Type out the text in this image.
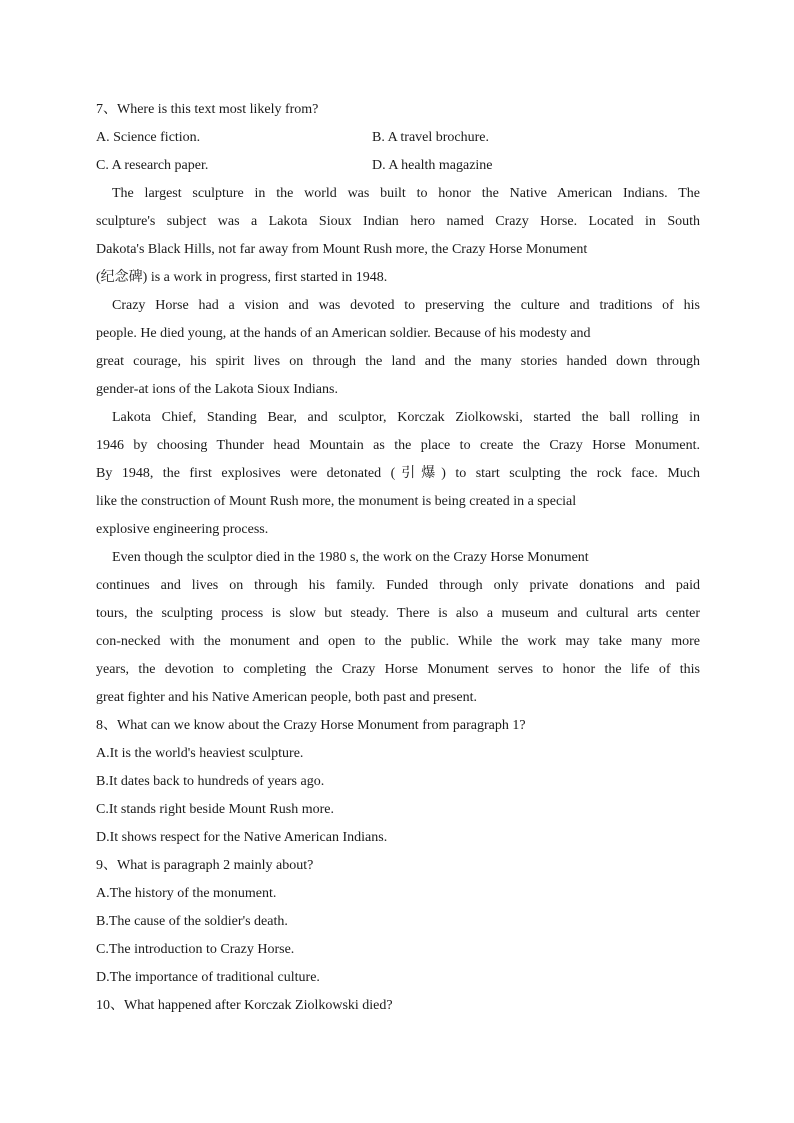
7、Where is this text most likely from?
A. Science fiction.	B. A travel brochure.
C. A research paper.	D. A health magazine
The largest sculpture in the world was built to honor the Native American Indians. The
sculpture's subject was a Lakota Sioux Indian hero named Crazy Horse. Located in South
Dakota's Black Hills, not far away from Mount Rush more, the Crazy Horse Monument
(纪念碑) is a work in progress, first started in 1948.
Crazy Horse had a vision and was devoted to preserving the culture and traditions of his
people. He died young, at the hands of an American soldier. Because of his modesty and
great courage, his spirit lives on through the land and the many stories handed down through
gender-at ions of the Lakota Sioux Indians.
Lakota Chief, Standing Bear, and sculptor, Korczak Ziolkowski, started the ball rolling in
1946 by choosing Thunder head Mountain as the place to create the Crazy Horse Monument.
By 1948, the first explosives were detonated (引爆) to start sculpting the rock face. Much
like the construction of Mount Rush more, the monument is being created in a special
explosive engineering process.
Even though the sculptor died in the 1980 s, the work on the Crazy Horse Monument
continues and lives on through his family. Funded through only private donations and paid
tours, the sculpting process is slow but steady. There is also a museum and cultural arts center
con-necked with the monument and open to the public. While the work may take many more
years, the devotion to completing the Crazy Horse Monument serves to honor the life of this
great fighter and his Native American people, both past and present.
8、What can we know about the Crazy Horse Monument from paragraph 1?
A.It is the world's heaviest sculpture.
B.It dates back to hundreds of years ago.
C.It stands right beside Mount Rush more.
D.It shows respect for the Native American Indians.
9、What is paragraph 2 mainly about?
A.The history of the monument.
B.The cause of the soldier's death.
C.The introduction to Crazy Horse.
D.The importance of traditional culture.
10、What happened after Korczak Ziolkowski died?
